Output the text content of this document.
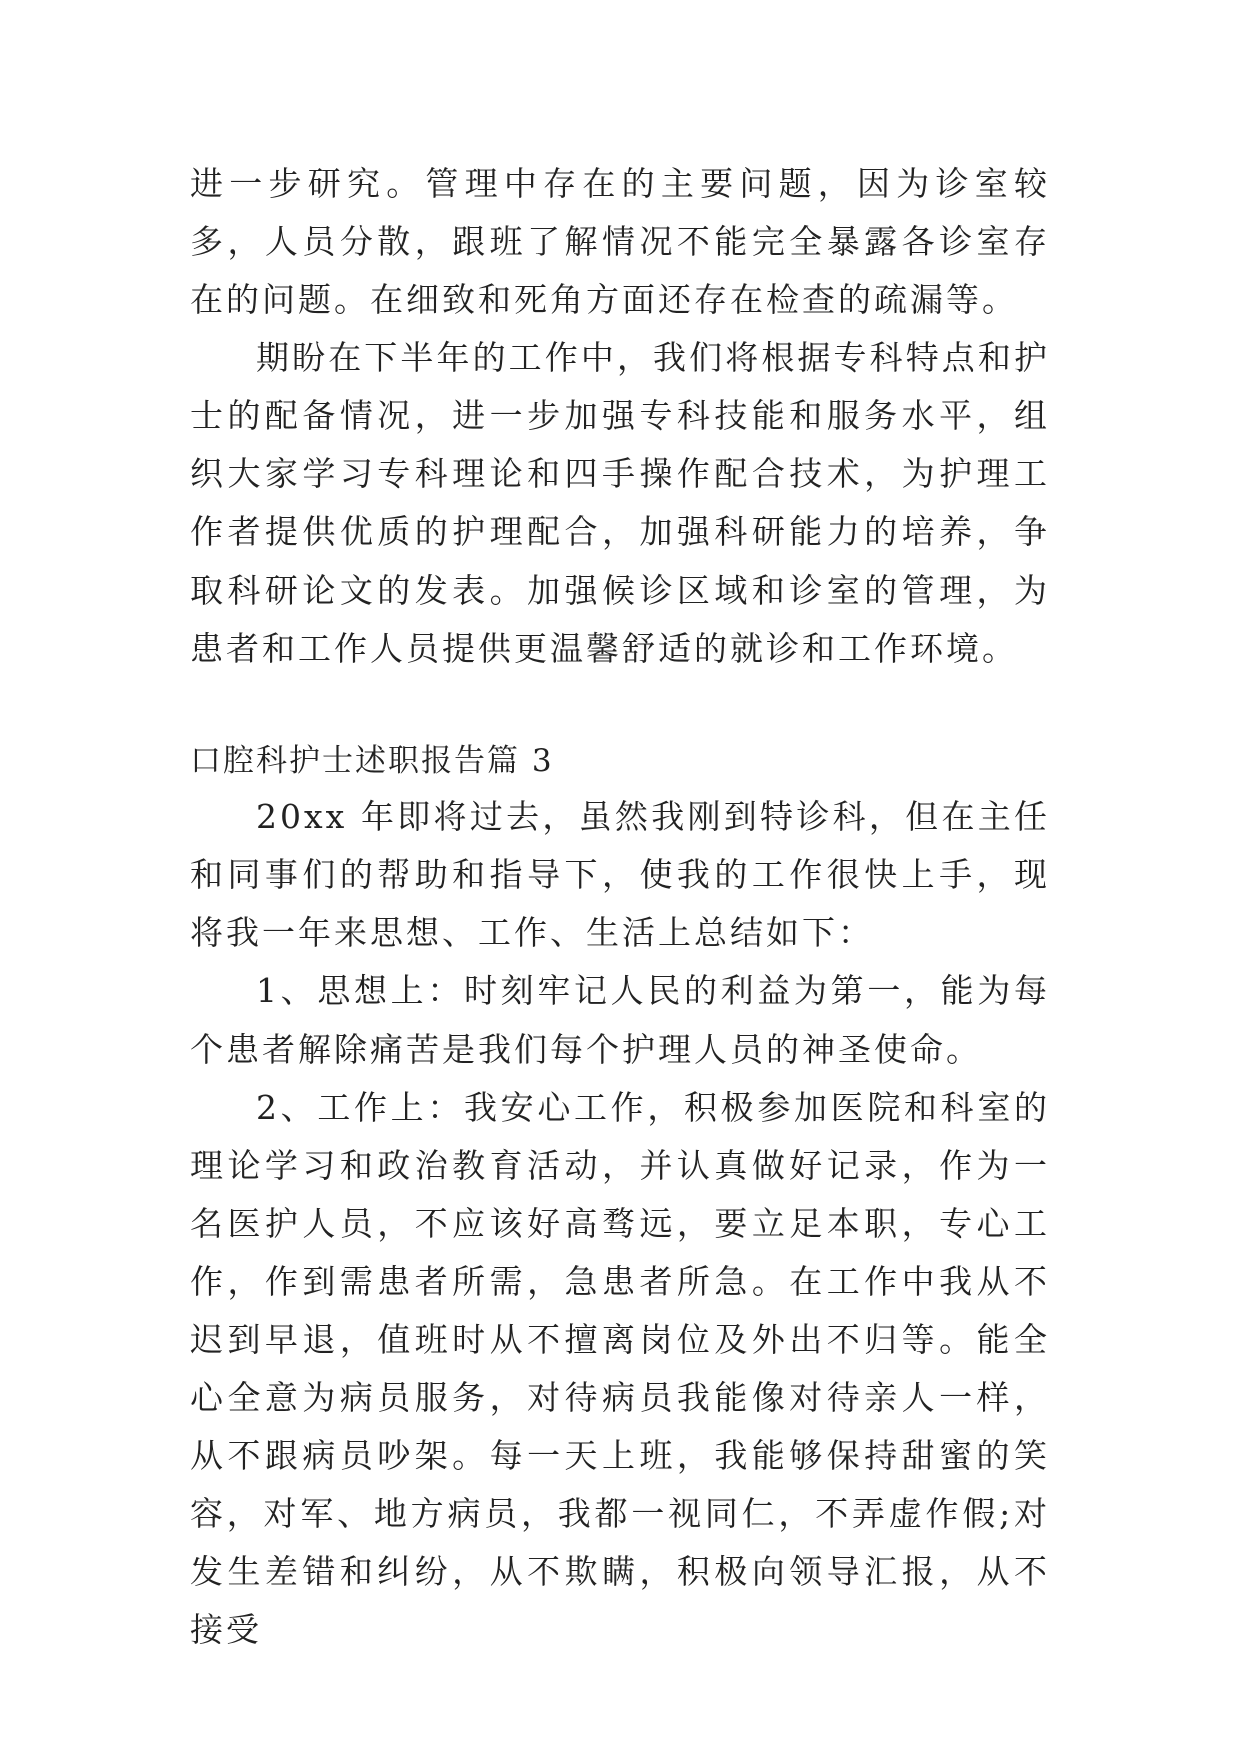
进一步研究。管理中存在的主要问题，因为诊室较多，人员分散，跟班了解情况不能完全暴露各诊室存在的问题。在细致和死角方面还存在检查的疏漏等。

期盼在下半年的工作中，我们将根据专科特点和护士的配备情况，进一步加强专科技能和服务水平，组织大家学习专科理论和四手操作配合技术，为护理工作者提供优质的护理配合，加强科研能力的培养，争取科研论文的发表。加强候诊区域和诊室的管理，为患者和工作人员提供更温馨舒适的就诊和工作环境。

口腔科护士述职报告篇 3

20xx 年即将过去，虽然我刚到特诊科，但在主任和同事们的帮助和指导下，使我的工作很快上手，现将我一年来思想、工作、生活上总结如下：

1、思想上：时刻牢记人民的利益为第一，能为每个患者解除痛苦是我们每个护理人员的神圣使命。

2、工作上：我安心工作，积极参加医院和科室的理论学习和政治教育活动，并认真做好记录，作为一名医护人员，不应该好高骛远，要立足本职，专心工作，作到需患者所需，急患者所急。在工作中我从不迟到早退，值班时从不擅离岗位及外出不归等。能全心全意为病员服务，对待病员我能像对待亲人一样，从不跟病员吵架。每一天上班，我能够保持甜蜜的笑容，对军、地方病员，我都一视同仁，不弄虚作假;对发生差错和纠纷，从不欺瞒，积极向领导汇报，从不接受
